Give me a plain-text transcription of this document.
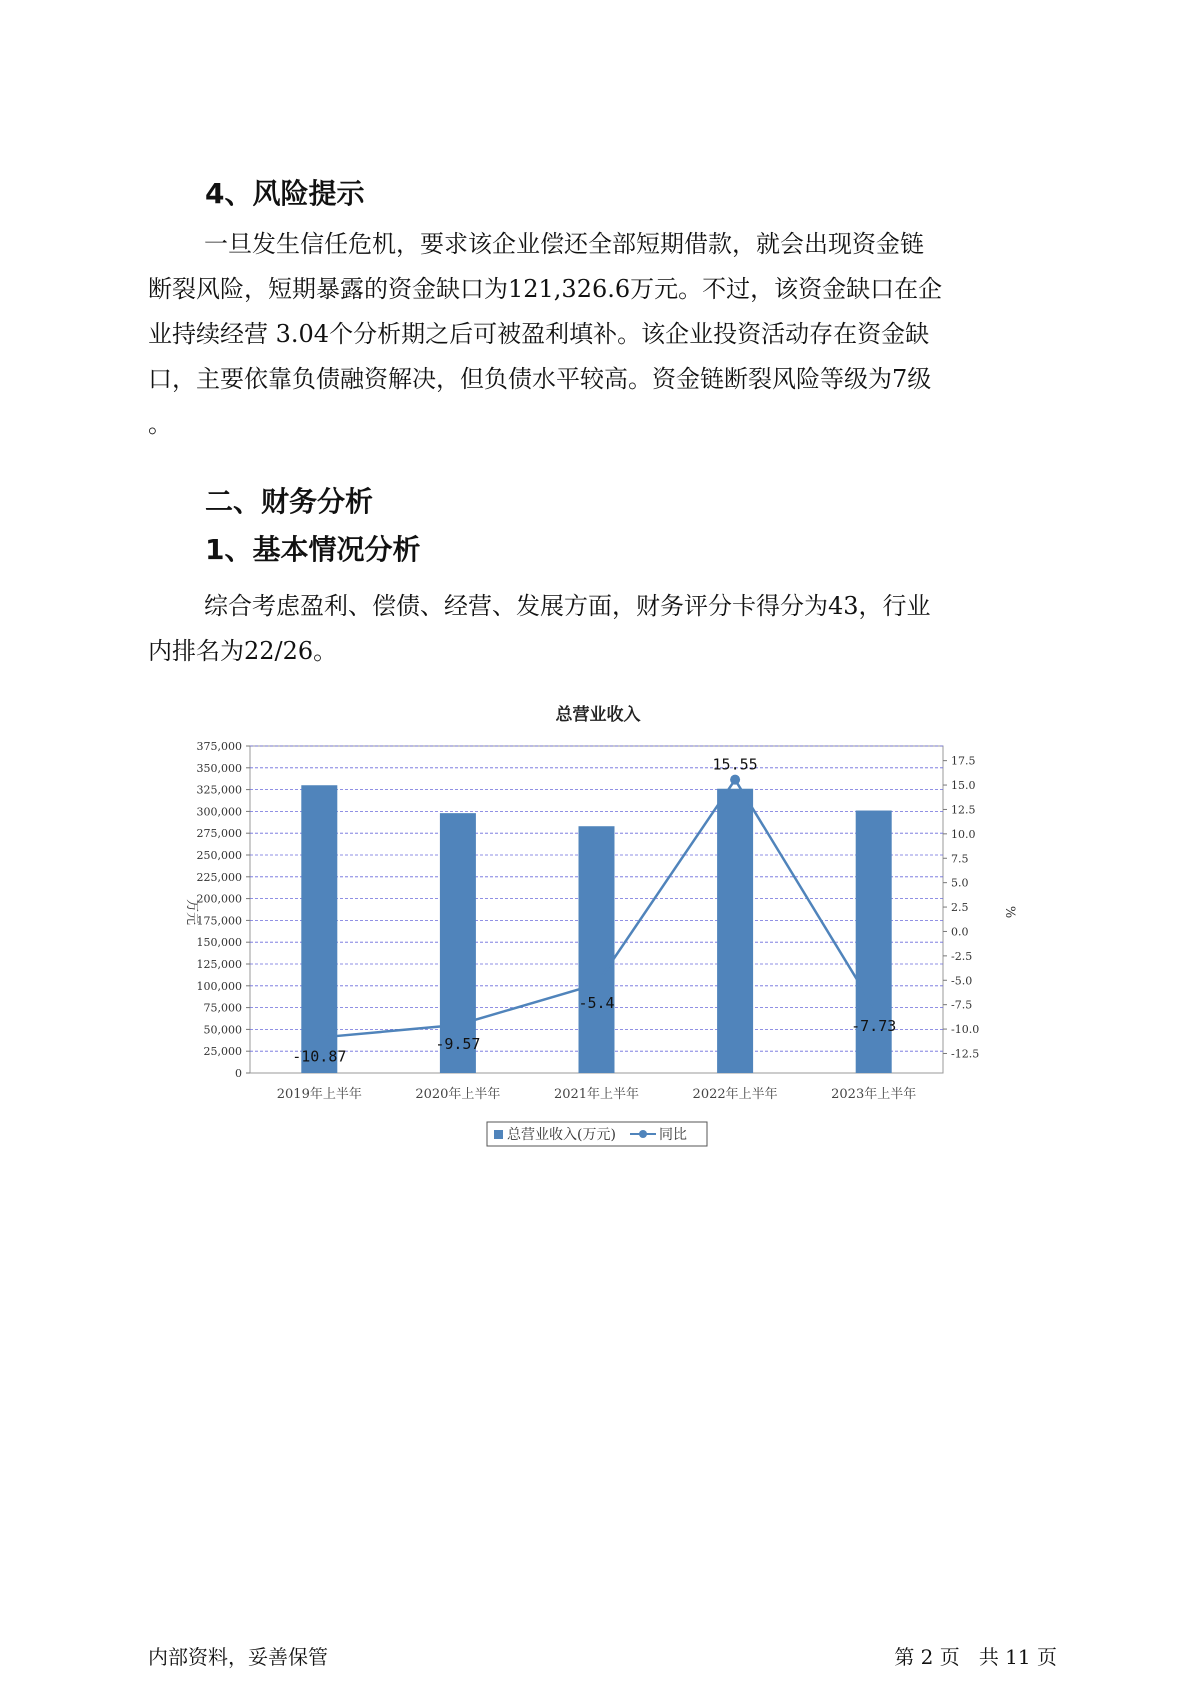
4、风险提示

一旦发生信任危机，要求该企业偿还全部短期借款，就会出现资金链

断裂风险，短期暴露的资金缺口为121,326.6万元。不过，该资金缺口在企

业持续经营 3.04个分析期之后可被盈利填补。该企业投资活动存在资金缺

口，主要依靠负债融资解决，但负债水平较高。资金链断裂风险等级为7级

。

二、财务分析
1、基本情况分析

综合考虑盈利、偿债、经营、发展方面，财务评分卡得分为43，行业

内排名为22/26。

总营业收入
0
25,000
50,000
75,000
100,000
125,000
150,000
175,000
200,000
225,000
250,000
275,000
300,000
325,000
350,000
375,000
-12.5
-10.0
-7.5
-5.0
-2.5
0.0
2.5
5.0
7.5
10.0
12.5
15.0
17.5
万元	%
2019年上半年	2020年上半年	2021年上半年	2022年上半年	2023年上半年
-10.87
-9.57
-5.4
15.55
-7.73
总营业收入(万元)	同比
内部资料，妥善保管	第 2 页   共 11 页
